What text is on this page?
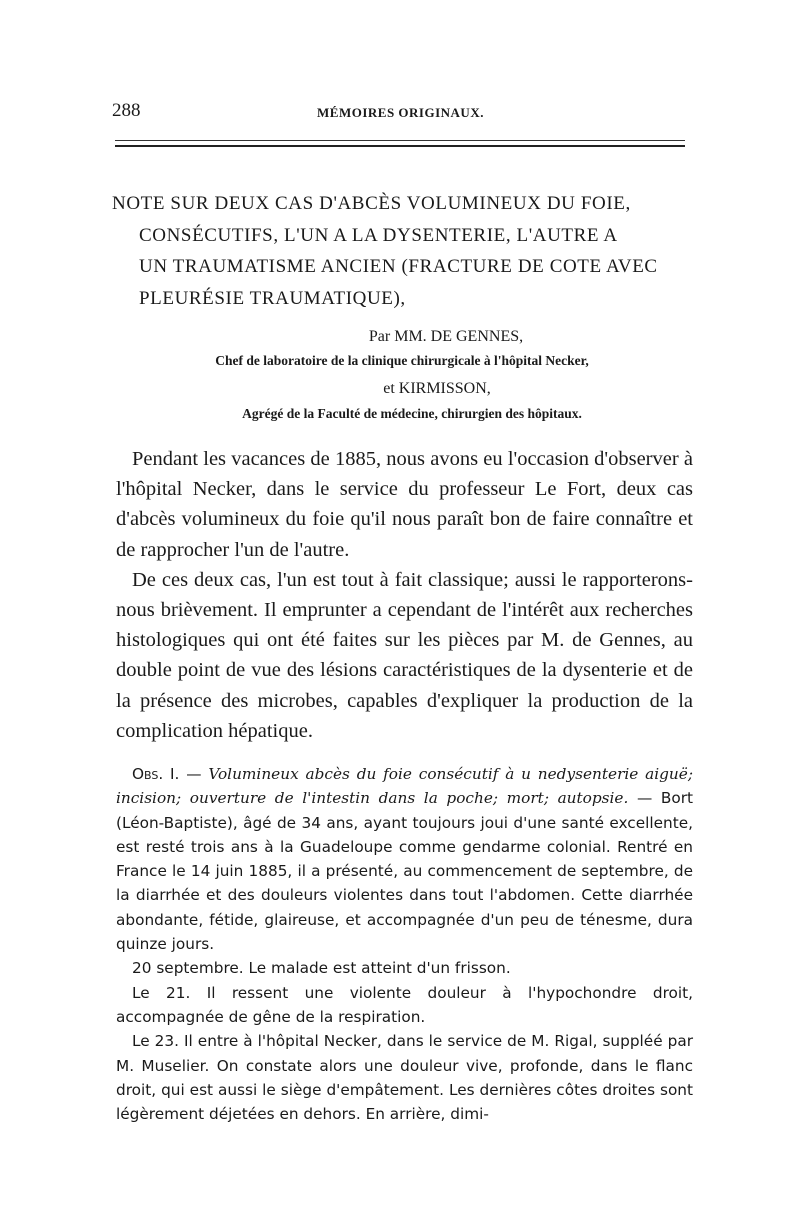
288	MÉMOIRES ORIGINAUX.
NOTE SUR DEUX CAS D'ABCÈS VOLUMINEUX DU FOIE,
CONSÉCUTIFS, L'UN A LA DYSENTERIE, L'AUTRE A
UN TRAUMATISME ANCIEN (FRACTURE DE COTE AVEC
PLEURÉSIE TRAUMATIQUE),
Par MM. DE GENNES,
Chef de laboratoire de la clinique chirurgicale à l'hôpital Necker,
et KIRMISSON,
Agrégé de la Faculté de médecine, chirurgien des hôpitaux.

Pendant les vacances de 1885, nous avons eu l'occasion d'observer à l'hôpital Necker, dans le service du professeur Le Fort, deux cas d'abcès volumineux du foie qu'il nous paraît bon de faire connaître et de rapprocher l'un de l'autre.

De ces deux cas, l'un est tout à fait classique; aussi le rapporterons-nous brièvement. Il emprunter a cependant de l'intérêt aux recherches histologiques qui ont été faites sur les pièces par M. de Gennes, au double point de vue des lésions caractéristiques de la dysenterie et de la présence des microbes, capables d'expliquer la production de la complication hépatique.

Obs. I. — Volumineux abcès du foie consécutif à u nedysenterie aiguë; incision; ouverture de l'intestin dans la poche; mort; autopsie. — Bort (Léon-Baptiste), âgé de 34 ans, ayant toujours joui d'une santé excellente, est resté trois ans à la Guadeloupe comme gendarme colonial. Rentré en France le 14 juin 1885, il a présenté, au commencement de septembre, de la diarrhée et des douleurs violentes dans tout l'abdomen. Cette diarrhée abondante, fétide, glaireuse, et accompagnée d'un peu de ténesme, dura quinze jours.

20 septembre. Le malade est atteint d'un frisson.

Le 21. Il ressent une violente douleur à l'hypochondre droit, accompagnée de gêne de la respiration.

Le 23. Il entre à l'hôpital Necker, dans le service de M. Rigal, suppléé par M. Muselier. On constate alors une douleur vive, profonde, dans le flanc droit, qui est aussi le siège d'empâtement. Les dernières côtes droites sont légèrement déjetées en dehors. En arrière, dimi-
